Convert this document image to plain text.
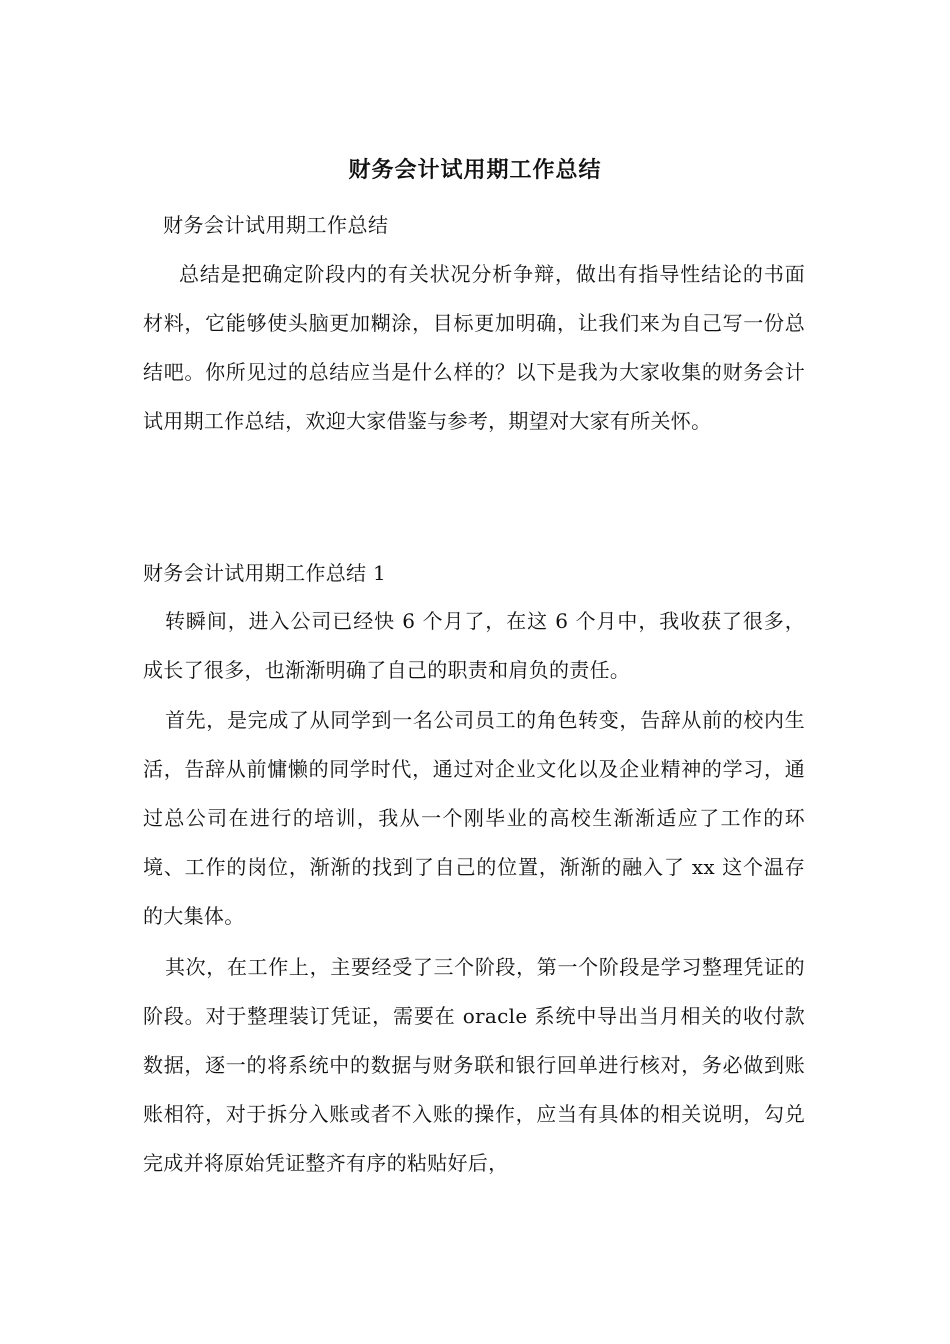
财务会计试用期工作总结
财务会计试用期工作总结

总结是把确定阶段内的有关状况分析争辩，做出有指导性结论的书面材料，它能够使头脑更加糊涂，目标更加明确，让我们来为自己写一份总结吧。你所见过的总结应当是什么样的？以下是我为大家收集的财务会计试用期工作总结，欢迎大家借鉴与参考，期望对大家有所关怀。

财务会计试用期工作总结 1

转瞬间，进入公司已经快 6 个月了，在这 6 个月中，我收获了很多，成长了很多，也渐渐明确了自己的职责和肩负的责任。

首先，是完成了从同学到一名公司员工的角色转变，告辞从前的校内生活，告辞从前慵懒的同学时代，通过对企业文化以及企业精神的学习，通过总公司在进行的培训，我从一个刚毕业的高校生渐渐适应了工作的环境、工作的岗位，渐渐的找到了自己的位置，渐渐的融入了 xx 这个温存的大集体。

其次，在工作上，主要经受了三个阶段，第一个阶段是学习整理凭证的阶段。对于整理装订凭证，需要在 oracle 系统中导出当月相关的收付款数据，逐一的将系统中的数据与财务联和银行回单进行核对，务必做到账账相符，对于拆分入账或者不入账的操作，应当有具体的相关说明，勾兑完成并将原始凭证整齐有序的粘贴好后，
